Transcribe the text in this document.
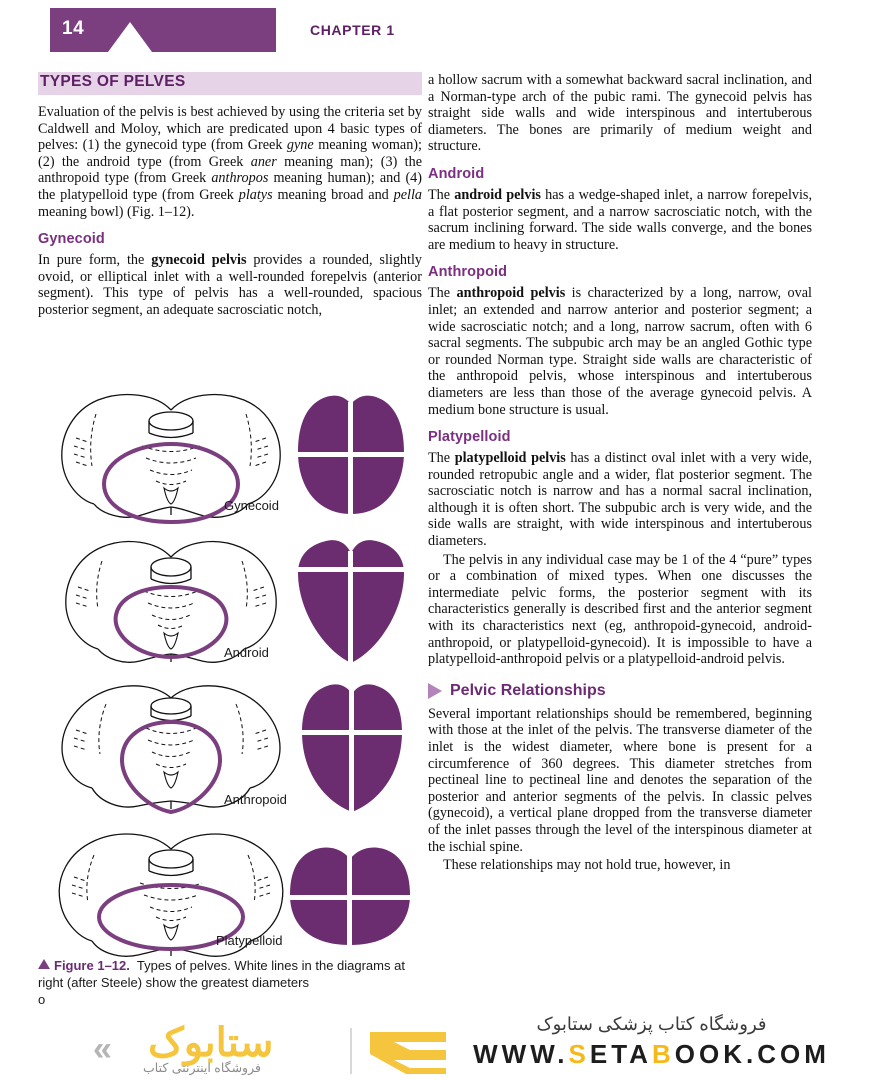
14	CHAPTER 1
TYPES OF PELVES

Evaluation of the pelvis is best achieved by using the criteria set by Caldwell and Moloy, which are predicated upon 4 basic types of pelves: (1) the gynecoid type (from Greek gyne meaning woman); (2) the android type (from Greek aner meaning man); (3) the anthropoid type (from Greek anthropos meaning human); and (4) the platypelloid type (from Greek platys meaning broad and pella meaning bowl) (Fig. 1–12).

Gynecoid

In pure form, the gynecoid pelvis provides a rounded, slightly ovoid, or elliptical inlet with a well-rounded forepelvis (anterior segment). This type of pelvis has a well-rounded, spacious posterior segment, an adequate sacrosciatic notch,

Gynecoid
Android
Anthropoid
Platypelloid
Figure 1–12. Types of pelves. White lines in the diagrams at right (after Steele) show the greatest diameters
o

a hollow sacrum with a somewhat backward sacral inclination, and a Norman-type arch of the pubic rami. The gynecoid pelvis has straight side walls and wide interspinous and intertuberous diameters. The bones are primarily of medium weight and structure.

Android

The android pelvis has a wedge-shaped inlet, a narrow forepelvis, a flat posterior segment, and a narrow sacrosciatic notch, with the sacrum inclining forward. The side walls converge, and the bones are medium to heavy in structure.

Anthropoid

The anthropoid pelvis is characterized by a long, narrow, oval inlet; an extended and narrow anterior and posterior segment; a wide sacrosciatic notch; and a long, narrow sacrum, often with 6 sacral segments. The subpubic arch may be an angled Gothic type or rounded Norman type. Straight side walls are characteristic of the anthropoid pelvis, whose interspinous and intertuberous diameters are less than those of the average gynecoid pelvis. A medium bone structure is usual.

Platypelloid

The platypelloid pelvis has a distinct oval inlet with a very wide, rounded retropubic angle and a wider, flat posterior segment. The sacrosciatic notch is narrow and has a normal sacral inclination, although it is often short. The subpubic arch is very wide, and the side walls are straight, with wide interspinous and intertuberous diameters.

The pelvis in any individual case may be 1 of the 4 “pure” types or a combination of mixed types. When one discusses the intermediate pelvic forms, the posterior segment with its characteristics generally is described first and the anterior segment with its characteristics next (eg, anthropoid-gynecoid, android-anthropoid, or platypelloid-gynecoid). It is impossible to have a platypelloid-anthropoid pelvis or a platypelloid-android pelvis.

Pelvic Relationships

Several important relationships should be remembered, beginning with those at the inlet of the pelvis. The transverse diameter of the inlet is the widest diameter, where bone is present for a circumference of 360 degrees. This diameter stretches from pectineal line to pectineal line and denotes the separation of the posterior and anterior segments of the pelvis. In classic pelves (gynecoid), a vertical plane dropped from the transverse diameter of the inlet passes through the level of the interspinous diameter at the ischial spine.

These relationships may not hold true, however, in

« ستابوک
فروشگاه اینترنتی کتاب
فروشگاه کتاب پزشکی ستابوک
WWW.SETABOOK.COM
